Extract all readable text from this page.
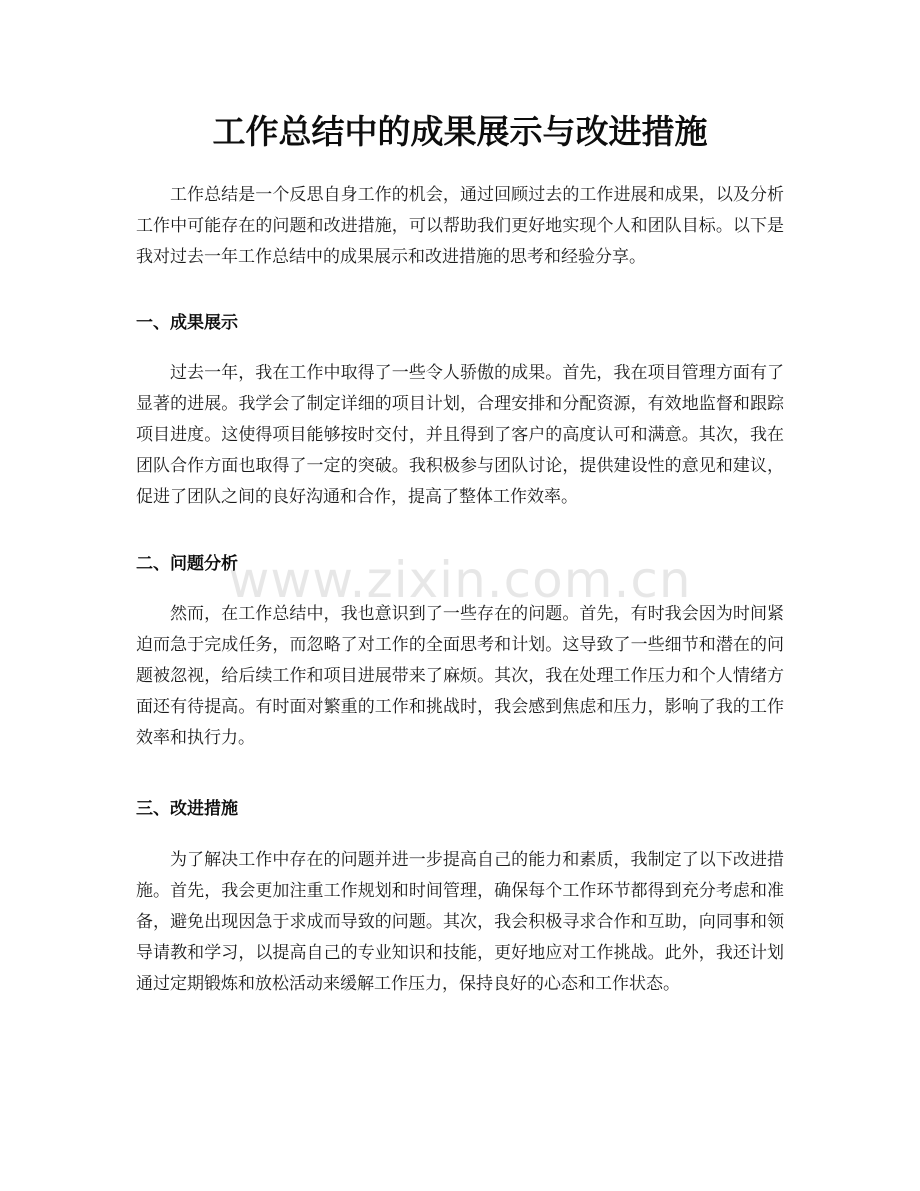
工作总结中的成果展示与改进措施

工作总结是一个反思自身工作的机会，通过回顾过去的工作进展和成果，以及分析工作中可能存在的问题和改进措施，可以帮助我们更好地实现个人和团队目标。以下是我对过去一年工作总结中的成果展示和改进措施的思考和经验分享。

一、成果展示

过去一年，我在工作中取得了一些令人骄傲的成果。首先，我在项目管理方面有了显著的进展。我学会了制定详细的项目计划，合理安排和分配资源，有效地监督和跟踪项目进度。这使得项目能够按时交付，并且得到了客户的高度认可和满意。其次，我在团队合作方面也取得了一定的突破。我积极参与团队讨论，提供建设性的意见和建议，促进了团队之间的良好沟通和合作，提高了整体工作效率。

二、问题分析

然而，在工作总结中，我也意识到了一些存在的问题。首先，有时我会因为时间紧迫而急于完成任务，而忽略了对工作的全面思考和计划。这导致了一些细节和潜在的问题被忽视，给后续工作和项目进展带来了麻烦。其次，我在处理工作压力和个人情绪方面还有待提高。有时面对繁重的工作和挑战时，我会感到焦虑和压力，影响了我的工作效率和执行力。

三、改进措施

为了解决工作中存在的问题并进一步提高自己的能力和素质，我制定了以下改进措施。首先，我会更加注重工作规划和时间管理，确保每个工作环节都得到充分考虑和准备，避免出现因急于求成而导致的问题。其次，我会积极寻求合作和互助，向同事和领导请教和学习，以提高自己的专业知识和技能，更好地应对工作挑战。此外，我还计划通过定期锻炼和放松活动来缓解工作压力，保持良好的心态和工作状态。

www.zixin.com.cn
